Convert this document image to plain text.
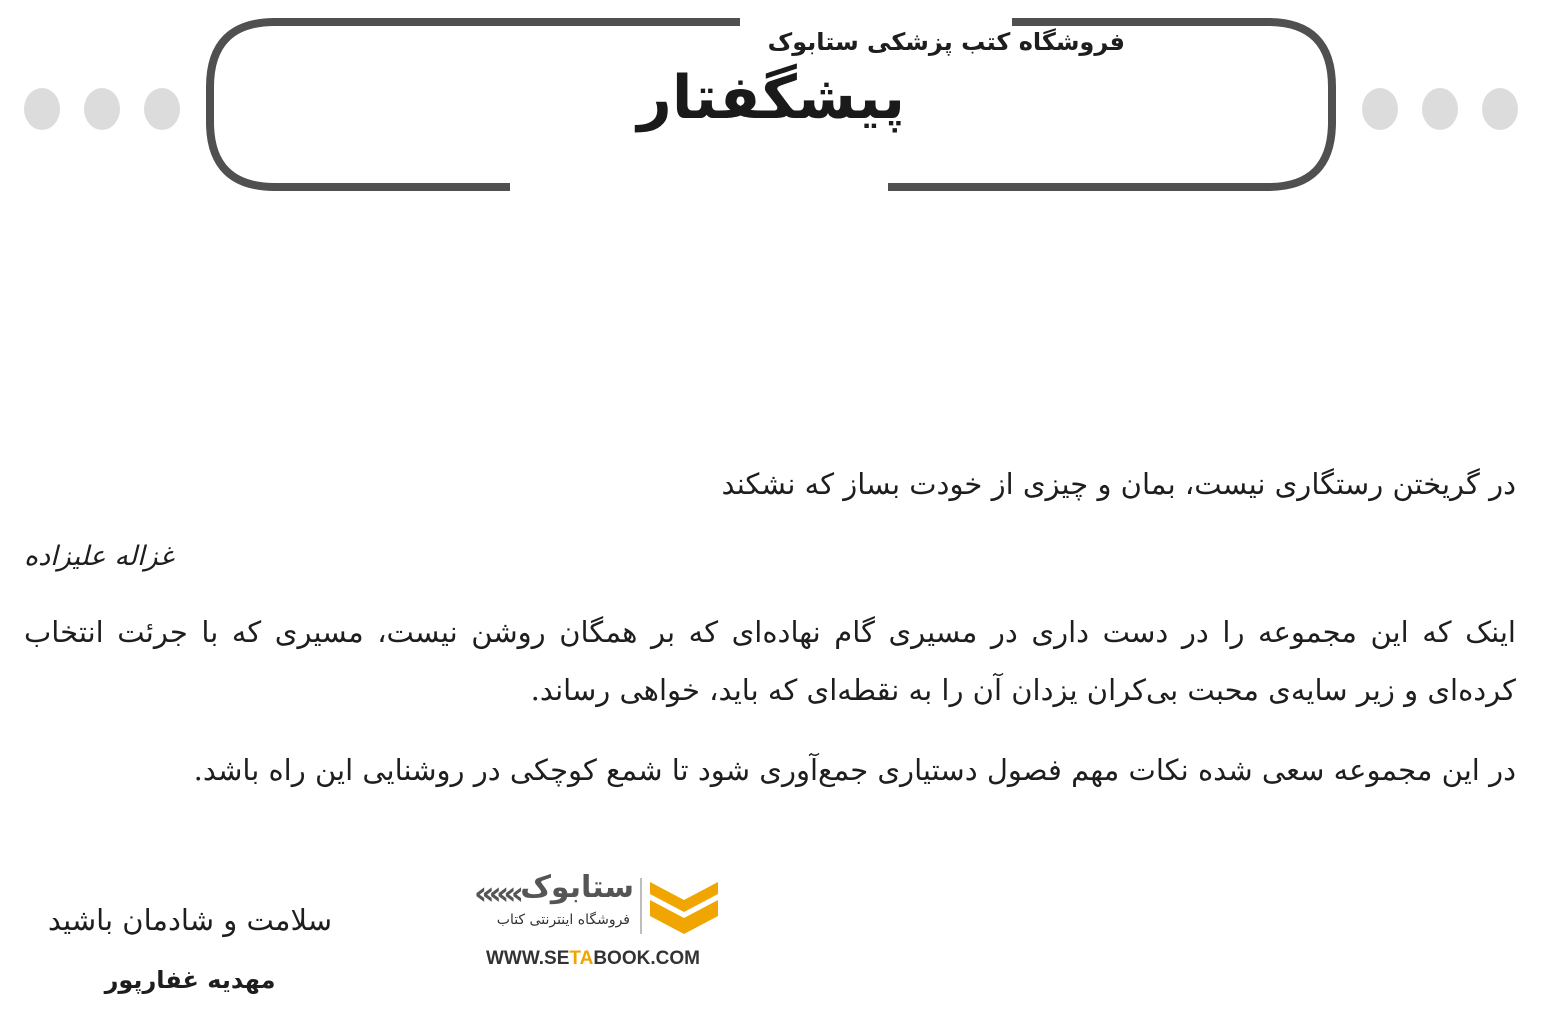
فروشگاه کتب پزشکی ستابوک
پیشگفتار
در گریختن رستگاری نیست، بمان و چیزی از خودت بساز که نشکند
غزاله علیزاده

اینک که این مجموعه را در دست داری در مسیری گام نهاده‌ای که بر همگان روشن نیست، مسیری که با جرئت انتخاب کرده‌ای و زیر سایه‌ی محبت بی‌کران یزدان آن را به نقطه‌ای که باید، خواهی رساند.

در این مجموعه سعی شده نکات مهم فصول دستیاری جمع‌آوری شود تا شمع کوچکی در روشنایی این راه باشد.

««« ستابوک
فروشگاه اینترنتی کتاب
WWW.SETABOOK.COM
سلامت و شادمان باشید
مهدیه غفارپور
